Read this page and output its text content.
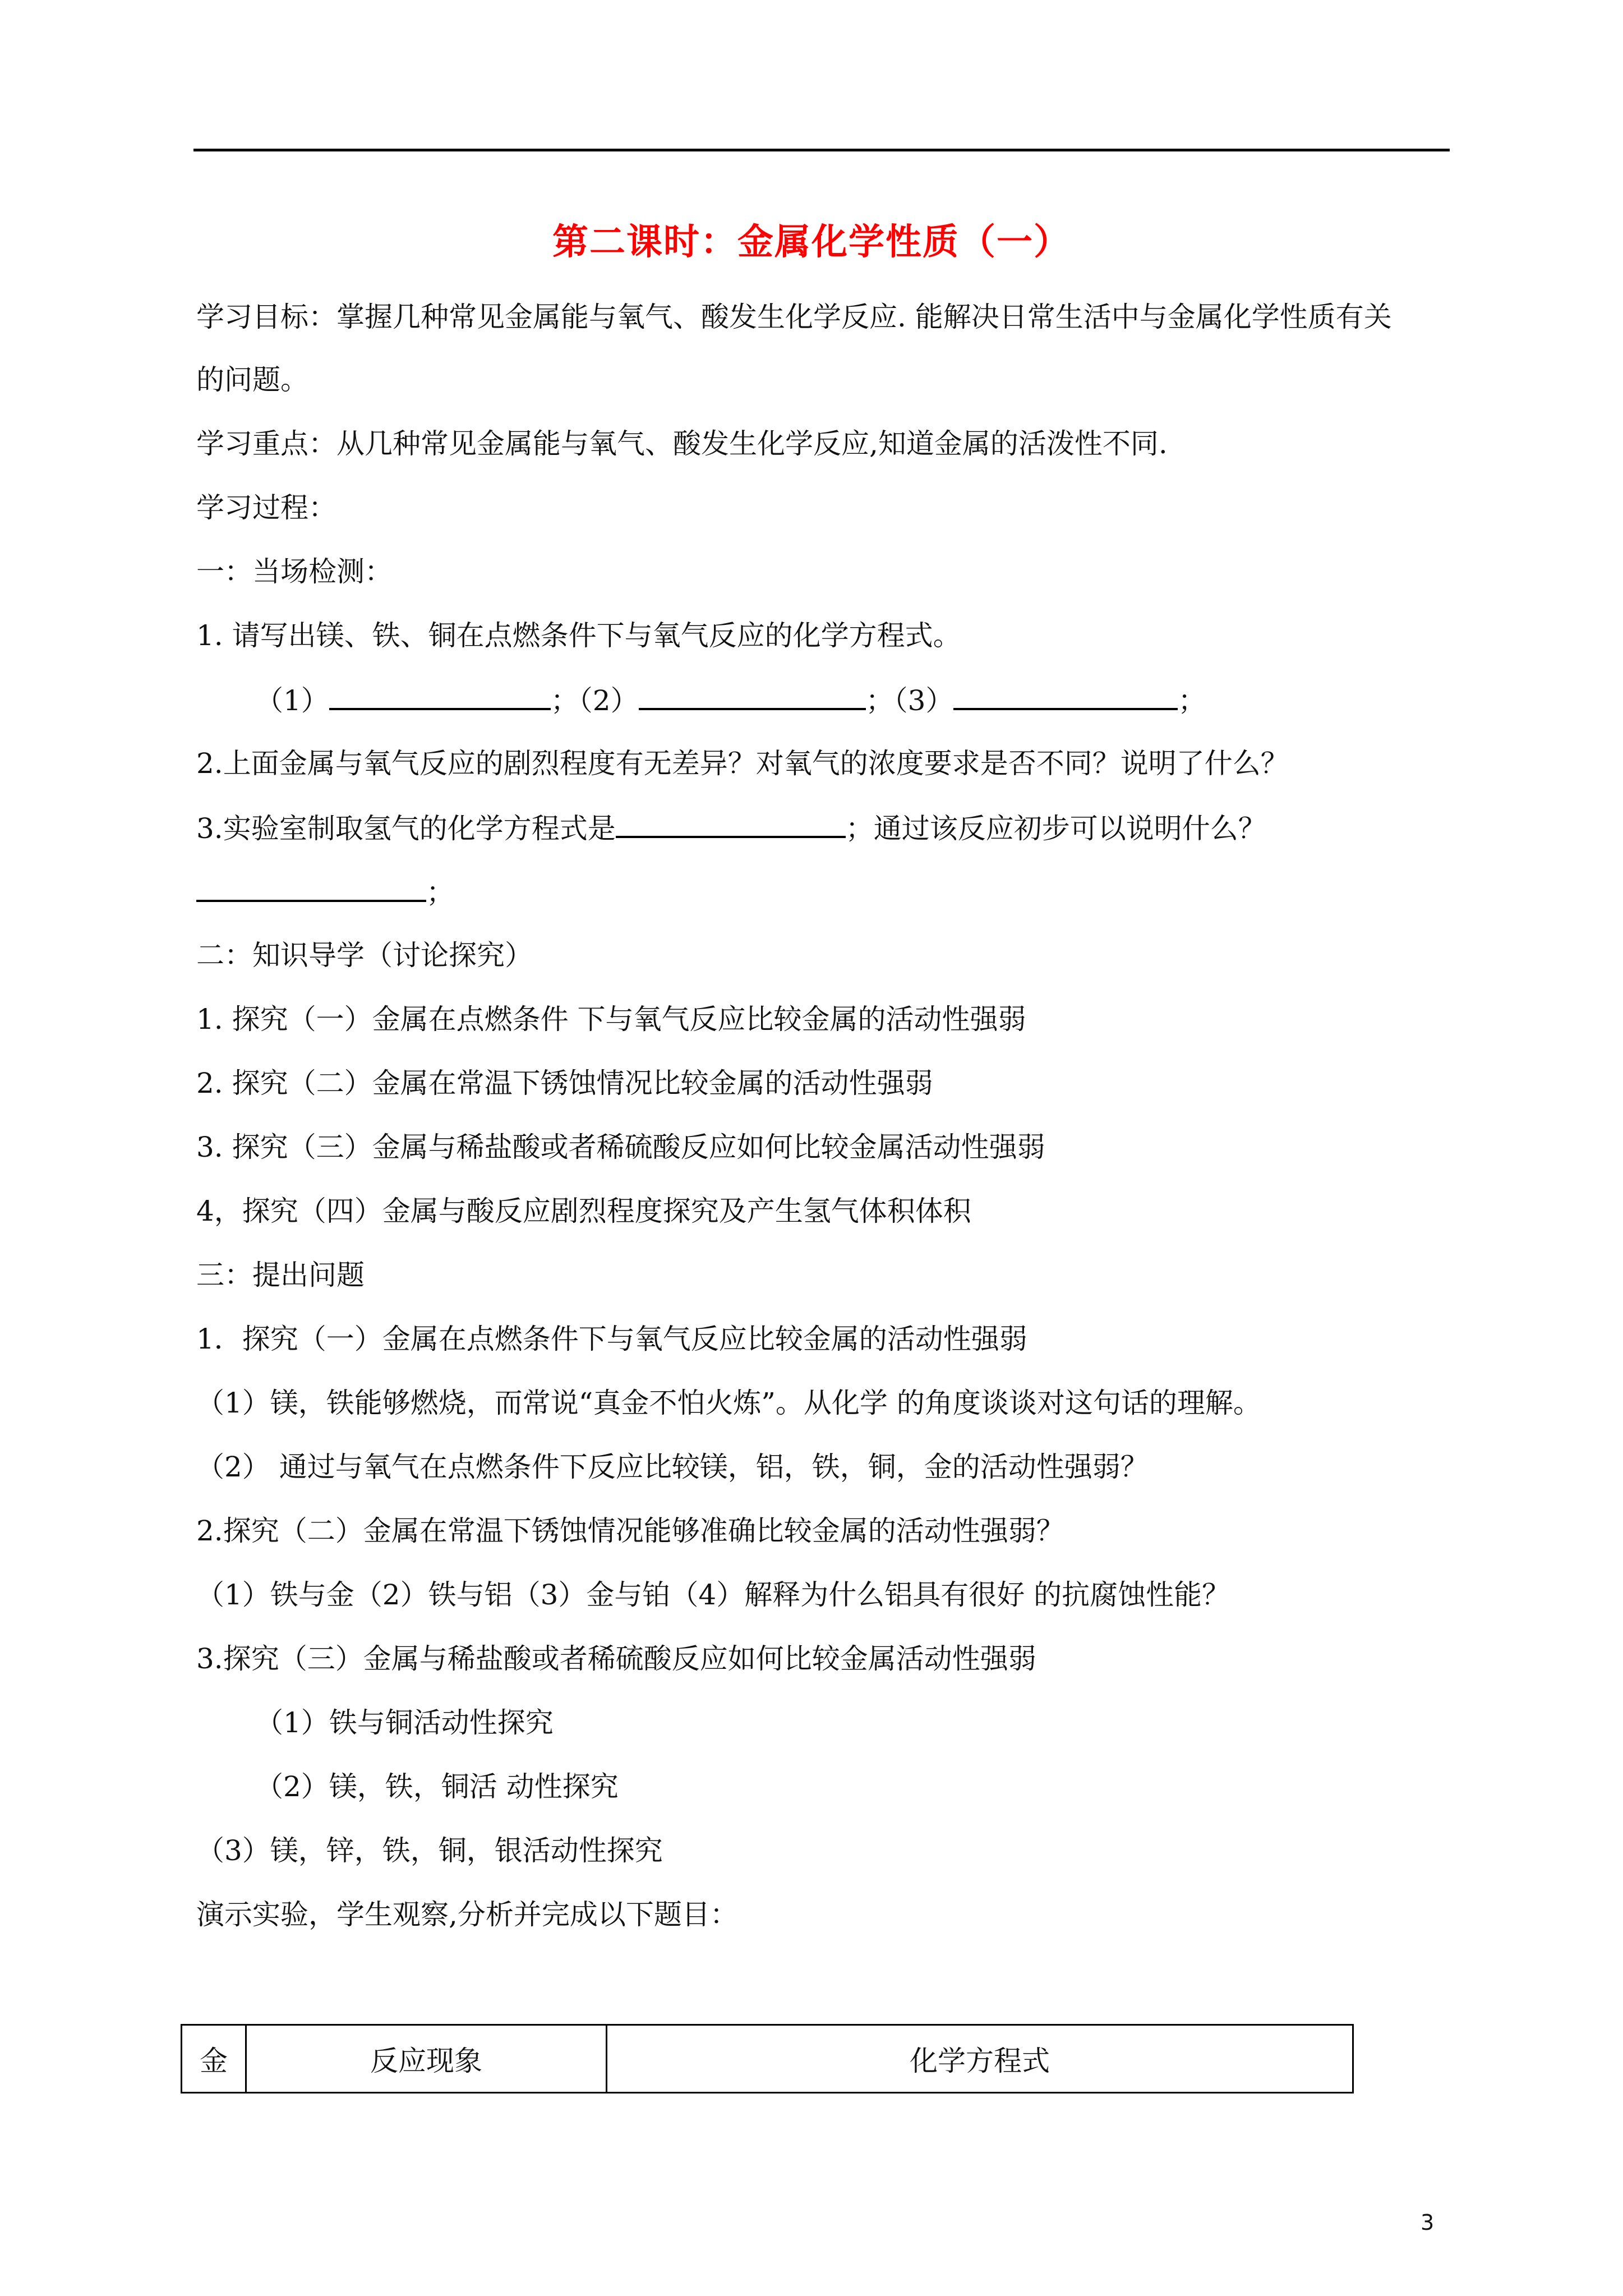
第二课时：金属化学性质（一）
学习目标：掌握几种常见金属能与氧气、酸发生化学反应. 能解决日常生活中与金属化学性质有关
的问题。
学习重点：从几种常见金属能与氧气、酸发生化学反应,知道金属的活泼性不同.
学习过程：
一：当场检测：
1. 请写出镁、铁、铜在点燃条件下与氧气反应的化学方程式。
（1）	；（2）	；（3）	；
2.上面金属与氧气反应的剧烈程度有无差异？对氧气的浓度要求是否不同？说明了什么？
3.实验室制取氢气的化学方程式是	；通过该反应初步可以说明什么？
；
二：知识导学（讨论探究）
1. 探究（一）金属在点燃条件 下与氧气反应比较金属的活动性强弱
2. 探究（二）金属在常温下锈蚀情况比较金属的活动性强弱
3. 探究（三）金属与稀盐酸或者稀硫酸反应如何比较金属活动性强弱
4，探究（四）金属与酸反应剧烈程度探究及产生氢气体积体积
三：提出问题
1．探究（一）金属在点燃条件下与氧气反应比较金属的活动性强弱
（1）镁，铁能够燃烧，而常说“真金不怕火炼”。从化学 的角度谈谈对这句话的理解。
（2） 通过与氧气在点燃条件下反应比较镁，铝，铁，铜，金的活动性强弱？
2.探究（二）金属在常温下锈蚀情况能够准确比较金属的活动性强弱？
（1）铁与金（2）铁与铝（3）金与铂（4）解释为什么铝具有很好 的抗腐蚀性能？
3.探究（三）金属与稀盐酸或者稀硫酸反应如何比较金属活动性强弱
（1）铁与铜活动性探究
（2）镁，铁，铜活 动性探究
（3）镁，锌，铁，铜，银活动性探究
演示实验，学生观察,分析并完成以下题目：
金	反应现象	化学方程式
3
